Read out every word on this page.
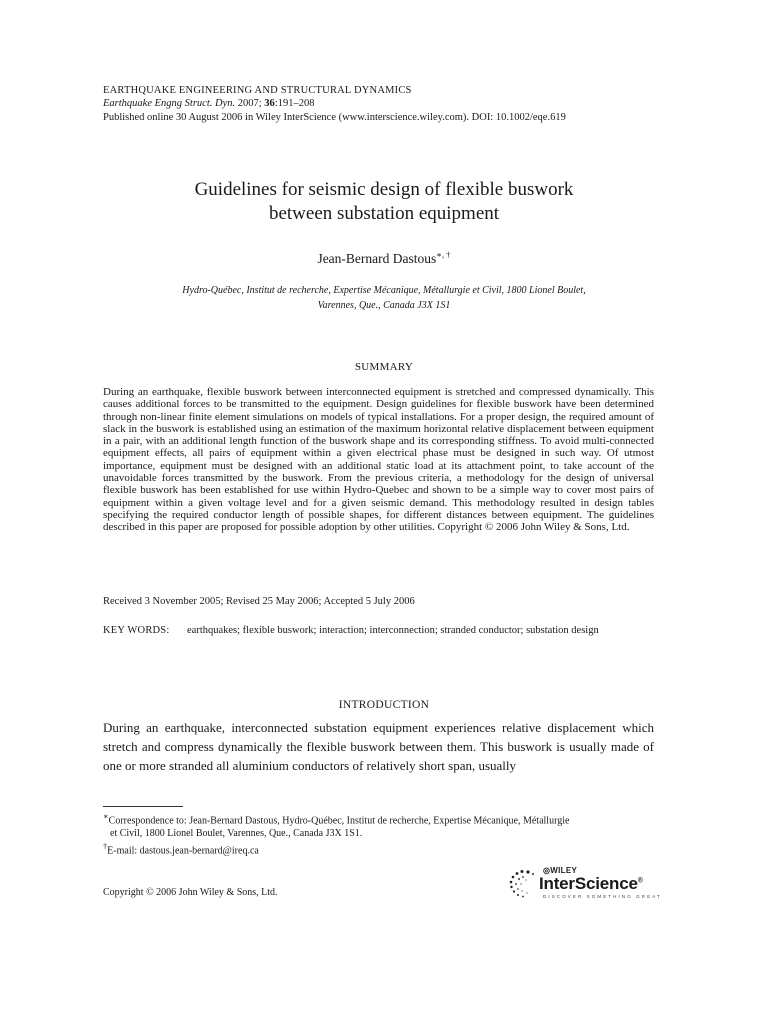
EARTHQUAKE ENGINEERING AND STRUCTURAL DYNAMICS
Earthquake Engng Struct. Dyn. 2007; 36:191–208
Published online 30 August 2006 in Wiley InterScience (www.interscience.wiley.com). DOI: 10.1002/eqe.619
Guidelines for seismic design of flexible buswork
between substation equipment
Jean-Bernard Dastous∗, †
Hydro-Québec, Institut de recherche, Expertise Mécanique, Métallurgie et Civil, 1800 Lionel Boulet,
Varennes, Que., Canada J3X 1S1
SUMMARY

During an earthquake, flexible buswork between interconnected equipment is stretched and compressed dynamically. This causes additional forces to be transmitted to the equipment. Design guidelines for flexible buswork have been determined through non-linear finite element simulations on models of typical installations. For a proper design, the required amount of slack in the buswork is established using an estimation of the maximum horizontal relative displacement between equipment in a pair, with an additional length function of the buswork shape and its corresponding stiffness. To avoid multi-connected equipment effects, all pairs of equipment within a given electrical phase must be designed in such way. Of utmost importance, equipment must be designed with an additional static load at its attachment point, to take account of the unavoidable forces transmitted by the buswork. From the previous criteria, a methodology for the design of universal flexible buswork has been established for use within Hydro-Quebec and shown to be a simple way to cover most pairs of equipment within a given voltage level and for a given seismic demand. This methodology resulted in design tables specifying the required conductor length of possible shapes, for different distances between equipment. The guidelines described in this paper are proposed for possible adoption by other utilities. Copyright © 2006 John Wiley & Sons, Ltd.

Received 3 November 2005; Revised 25 May 2006; Accepted 5 July 2006
KEY WORDS: earthquakes; flexible buswork; interaction; interconnection; stranded conductor; substation design
INTRODUCTION

During an earthquake, interconnected substation equipment experiences relative displacement which stretch and compress dynamically the flexible buswork between them. This buswork is usually made of one or more stranded all aluminium conductors of relatively short span, usually

∗Correspondence to: Jean-Bernard Dastous, Hydro-Québec, Institut de recherche, Expertise Mécanique, Métallurgie

et Civil, 1800 Lionel Boulet, Varennes, Que., Canada J3X 1S1.

†E-mail: dastous.jean-bernard@ireq.ca

Copyright © 2006 John Wiley & Sons, Ltd.
◎WILEY
InterScience®
DISCOVER SOMETHING GREAT
